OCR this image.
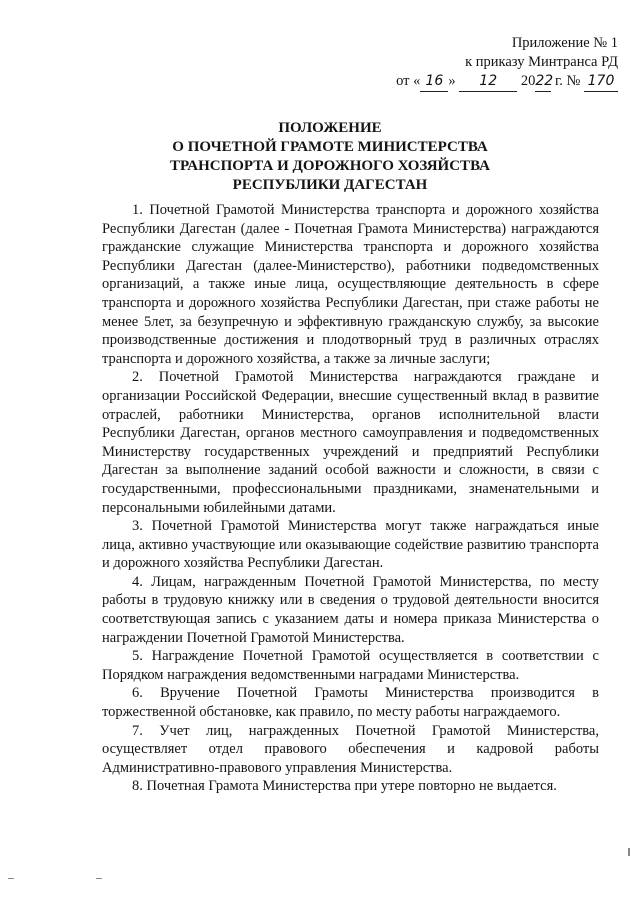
Приложение № 1
к приказу Минтранса РД
от « 16 » 12 2022 г. № 170
ПОЛОЖЕНИЕ
О ПОЧЕТНОЙ ГРАМОТЕ МИНИСТЕРСТВА
ТРАНСПОРТА И ДОРОЖНОГО ХОЗЯЙСТВА
РЕСПУБЛИКИ ДАГЕСТАН

1. Почетной Грамотой Министерства транспорта и дорожного хозяйства Республики Дагестан (далее - Почетная Грамота Министерства) награждаются гражданские служащие Министерства транспорта и дорожного хозяйства Республики Дагестан (далее-Министерство), работники подведомственных организаций, а также иные лица, осуществляющие деятельность в сфере транспорта и дорожного хозяйства Республики Дагестан, при стаже работы не менее 5лет, за безупречную и эффективную гражданскую службу, за высокие производственные достижения и плодотворный труд в различных отраслях транспорта и дорожного хозяйства, а также за личные заслуги;

2. Почетной Грамотой Министерства награждаются граждане и организации Российской Федерации, внесшие существенный вклад в развитие отраслей, работники Министерства, органов исполнительной власти Республики Дагестан, органов местного самоуправления и подведомственных Министерству государственных учреждений и предприятий Республики Дагестан за выполнение заданий особой важности и сложности, в связи с государственными, профессиональными праздниками, знаменательными и персональными юбилейными датами.

3. Почетной Грамотой Министерства могут также награждаться иные лица, активно участвующие или оказывающие содействие развитию транспорта и дорожного хозяйства Республики Дагестан.

4. Лицам, награжденным Почетной Грамотой Министерства, по месту работы в трудовую книжку или в сведения о трудовой деятельности вносится соответствующая запись с указанием даты и номера приказа Министерства о награждении Почетной Грамотой Министерства.

5. Награждение Почетной Грамотой осуществляется в соответствии с Порядком награждения ведомственными наградами Министерства.

6. Вручение Почетной Грамоты Министерства производится в торжественной обстановке, как правило, по месту работы награждаемого.

7. Учет лиц, награжденных Почетной Грамотой Министерства, осуществляет отдел правового обеспечения и кадровой работы Административно-правового управления Министерства.

8. Почетная Грамота Министерства при утере повторно не выдается.
